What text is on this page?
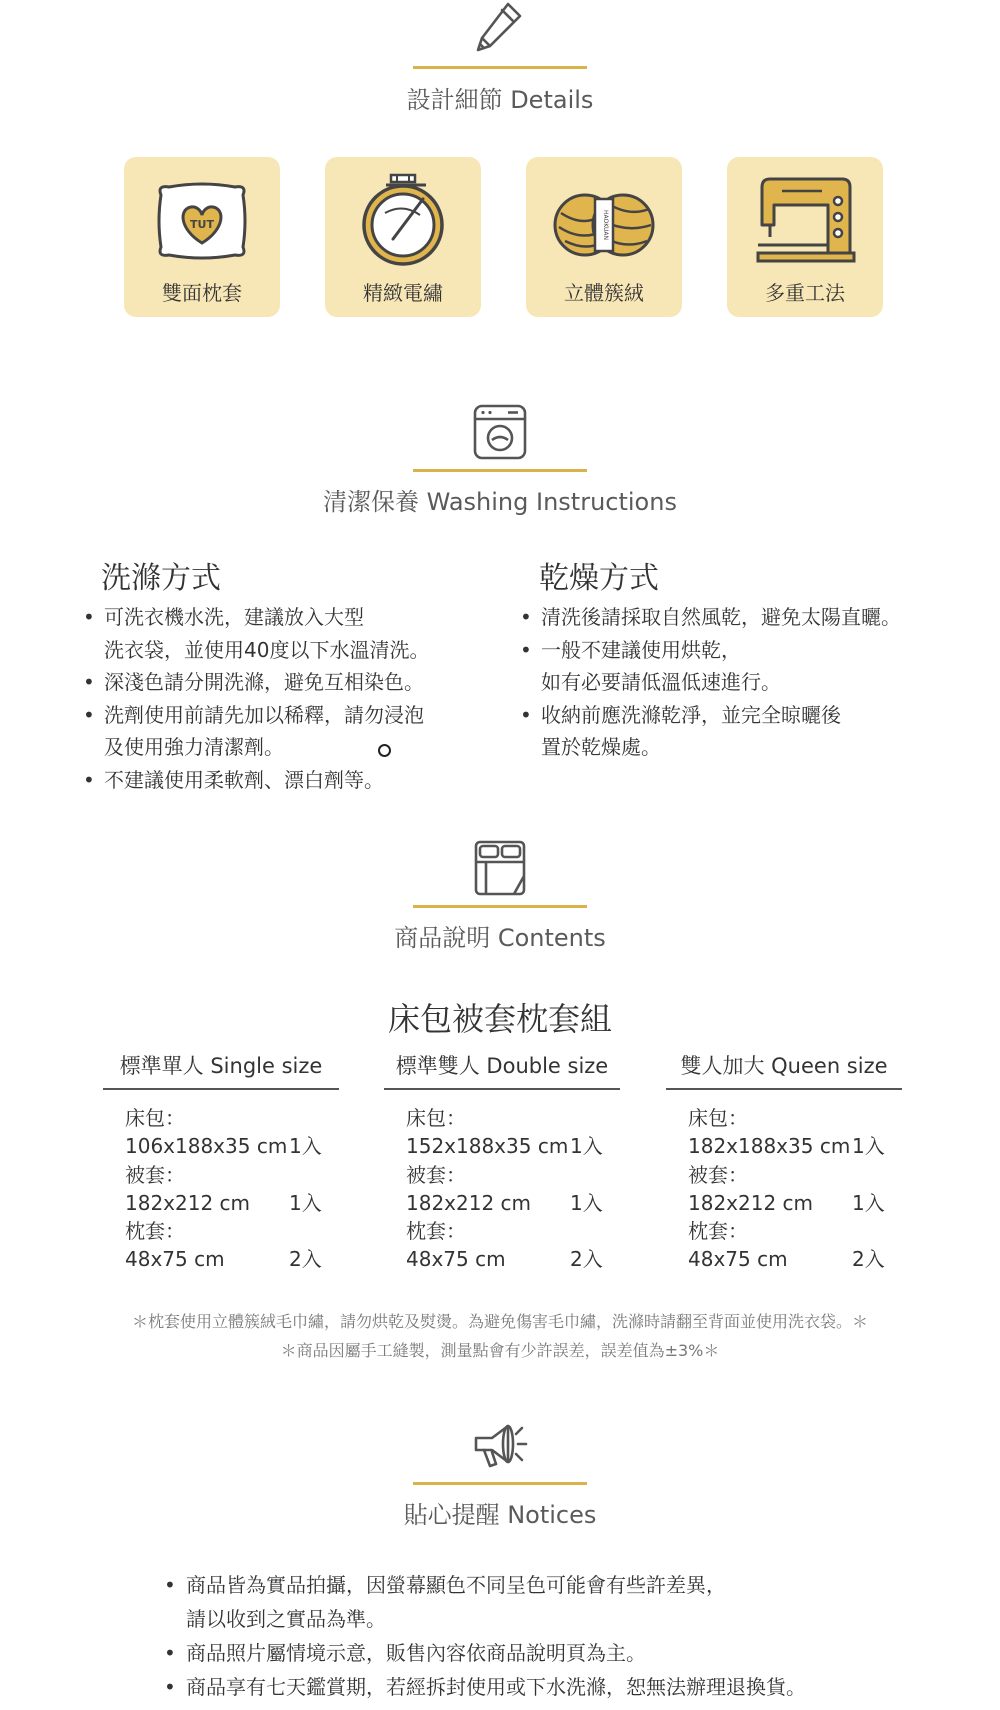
設計細節 Details
TUT
雙面枕套	精緻電繡
HAOKUAN
立體簇絨	多重工法
清潔保養 Washing Instructions
洗滌方式
• 可洗衣機水洗，建議放入大型
洗衣袋，並使用40度以下水溫清洗。
• 深淺色請分開洗滌，避免互相染色。
• 洗劑使用前請先加以稀釋，請勿浸泡
及使用強力清潔劑。
• 不建議使用柔軟劑、漂白劑等。
乾燥方式
• 清洗後請採取自然風乾，避免太陽直曬。
• 一般不建議使用烘乾，
如有必要請低溫低速進行。
• 收納前應洗滌乾淨，並完全晾曬後
置於乾燥處。
商品說明 Contents
床包被套枕套組
標準單人 Single size
床包：
106x188x35 cm 1入
被套：
182x212 cm 1入
枕套：
48x75 cm	2入
標準雙人 Double size
床包：
152x188x35 cm 1入
被套：
182x212 cm 1入
枕套：
48x75 cm	2入
雙人加大 Queen size
床包：
182x188x35 cm 1入
被套：
182x212 cm 1入
枕套：
48x75 cm	2入
＊枕套使用立體簇絨毛巾繡，請勿烘乾及熨燙。為避免傷害毛巾繡，洗滌時請翻至背面並使用洗衣袋。＊
＊商品因屬手工縫製，測量點會有少許誤差，誤差值為±3%＊
貼心提醒 Notices
• 商品皆為實品拍攝，因螢幕顯色不同呈色可能會有些許差異，
請以收到之實品為準。
• 商品照片屬情境示意，販售內容依商品說明頁為主。
• 商品享有七天鑑賞期，若經拆封使用或下水洗滌，恕無法辦理退換貨。
